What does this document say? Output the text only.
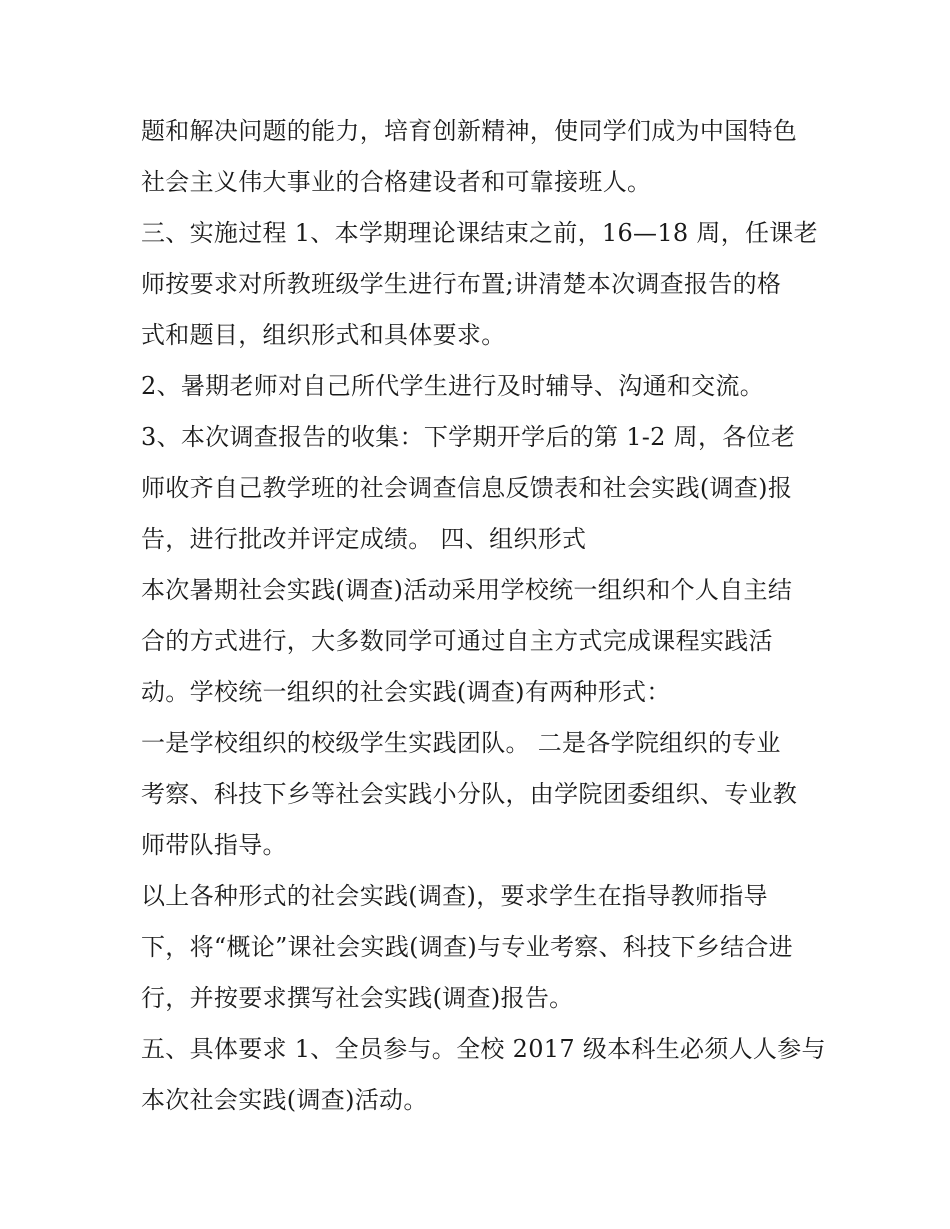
题和解决问题的能力，培育创新精神，使同学们成为中国特色
社会主义伟大事业的合格建设者和可靠接班人。
三、实施过程 1、本学期理论课结束之前，16—18 周，任课老
师按要求对所教班级学生进行布置;讲清楚本次调查报告的格
式和题目，组织形式和具体要求。
2、暑期老师对自己所代学生进行及时辅导、沟通和交流。
3、本次调查报告的收集：下学期开学后的第 1-2 周，各位老
师收齐自己教学班的社会调查信息反馈表和社会实践(调查)报
告，进行批改并评定成绩。 四、组织形式
本次暑期社会实践(调查)活动采用学校统一组织和个人自主结
合的方式进行，大多数同学可通过自主方式完成课程实践活
动。学校统一组织的社会实践(调查)有两种形式：
一是学校组织的校级学生实践团队。 二是各学院组织的专业
考察、科技下乡等社会实践小分队，由学院团委组织、专业教
师带队指导。
以上各种形式的社会实践(调查)，要求学生在指导教师指导
下，将“概论”课社会实践(调查)与专业考察、科技下乡结合进
行，并按要求撰写社会实践(调查)报告。
五、具体要求 1、全员参与。全校 2017 级本科生必须人人参与
本次社会实践(调查)活动。
